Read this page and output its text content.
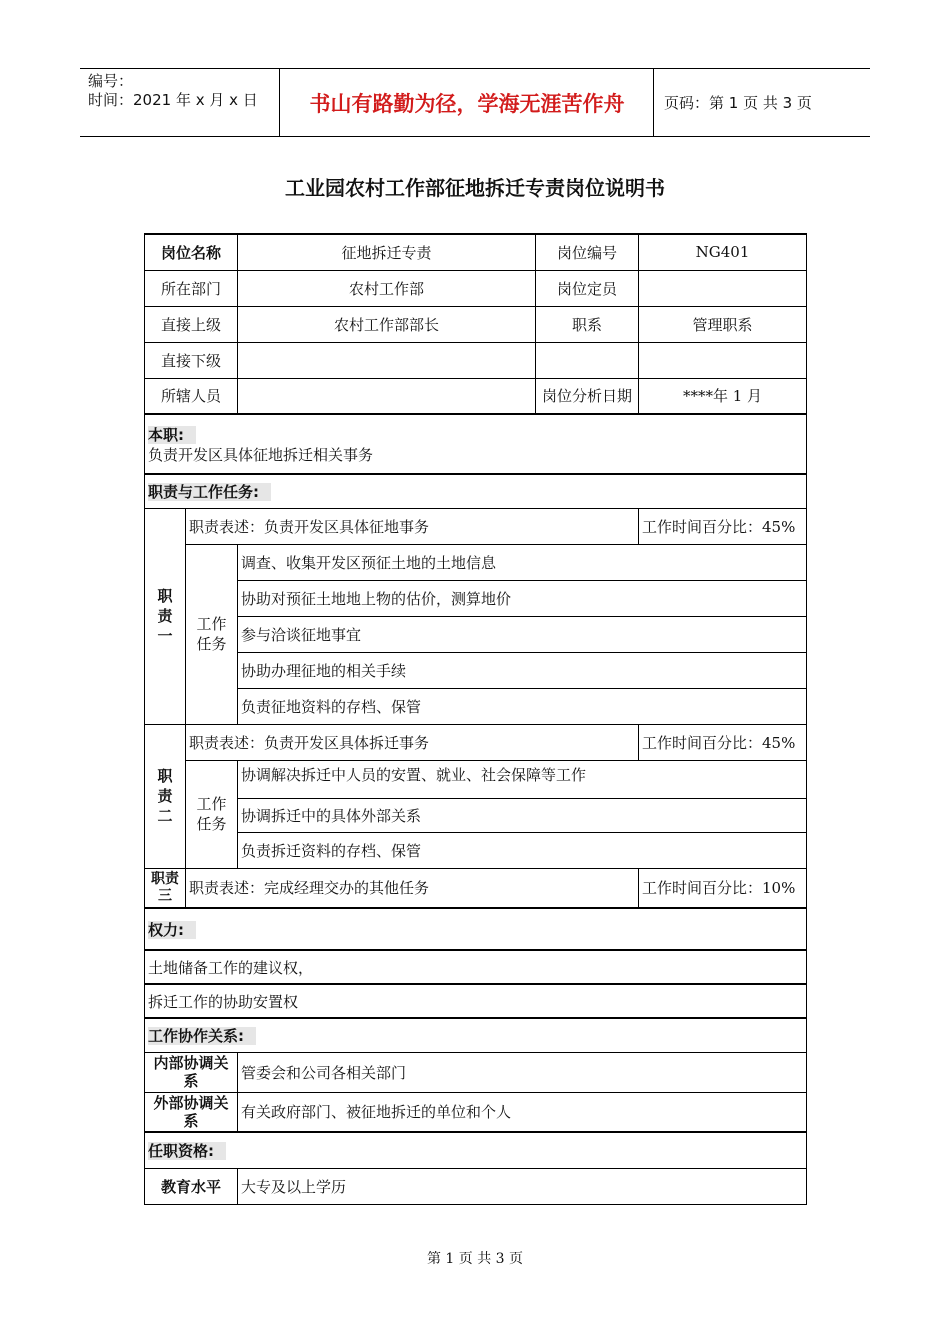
编号：
时间：2021 年 x 月 x 日	书山有路勤为径，学海无涯苦作舟	页码：第 1 页 共 3 页
工业园农村工作部征地拆迁专责岗位说明书
岗位名称		征地拆迁专责	岗位编号	NG401
所在部门		农村工作部	岗位定员	
直接上级		农村工作部部长	职系	管理职系
直接下级				
所辖人员			岗位分析日期	****年 1 月

本职:
负责开发区具体征地拆迁相关事务				

职责与工作任务:				

职责一	职责表述：负责开发区具体征地事务			工作时间百分比：45%

	工作任务	调查、收集开发区预征土地的土地信息		
		协助对预征土地地上物的估价，测算地价		
		参与洽谈征地事宜		
		协助办理征地的相关手续		
		负责征地资料的存档、保管		

职责二	职责表述：负责开发区具体拆迁事务			工作时间百分比：45%

	工作任务	协调解决拆迁中人员的安置、就业、社会保障等工作		
		协调拆迁中的具体外部关系		
		负责拆迁资料的存档、保管		

职责三	职责表述：完成经理交办的其他任务			工作时间百分比：10%
权力:				
土地储备工作的建议权，				
拆迁工作的协助安置权				
工作协作关系:				
内部协调关系		管委会和公司各相关部门		
外部协调关系		有关政府部门、被征地拆迁的单位和个人		
任职资格:				
教育水平		大专及以上学历		
第 1 页 共 3 页
